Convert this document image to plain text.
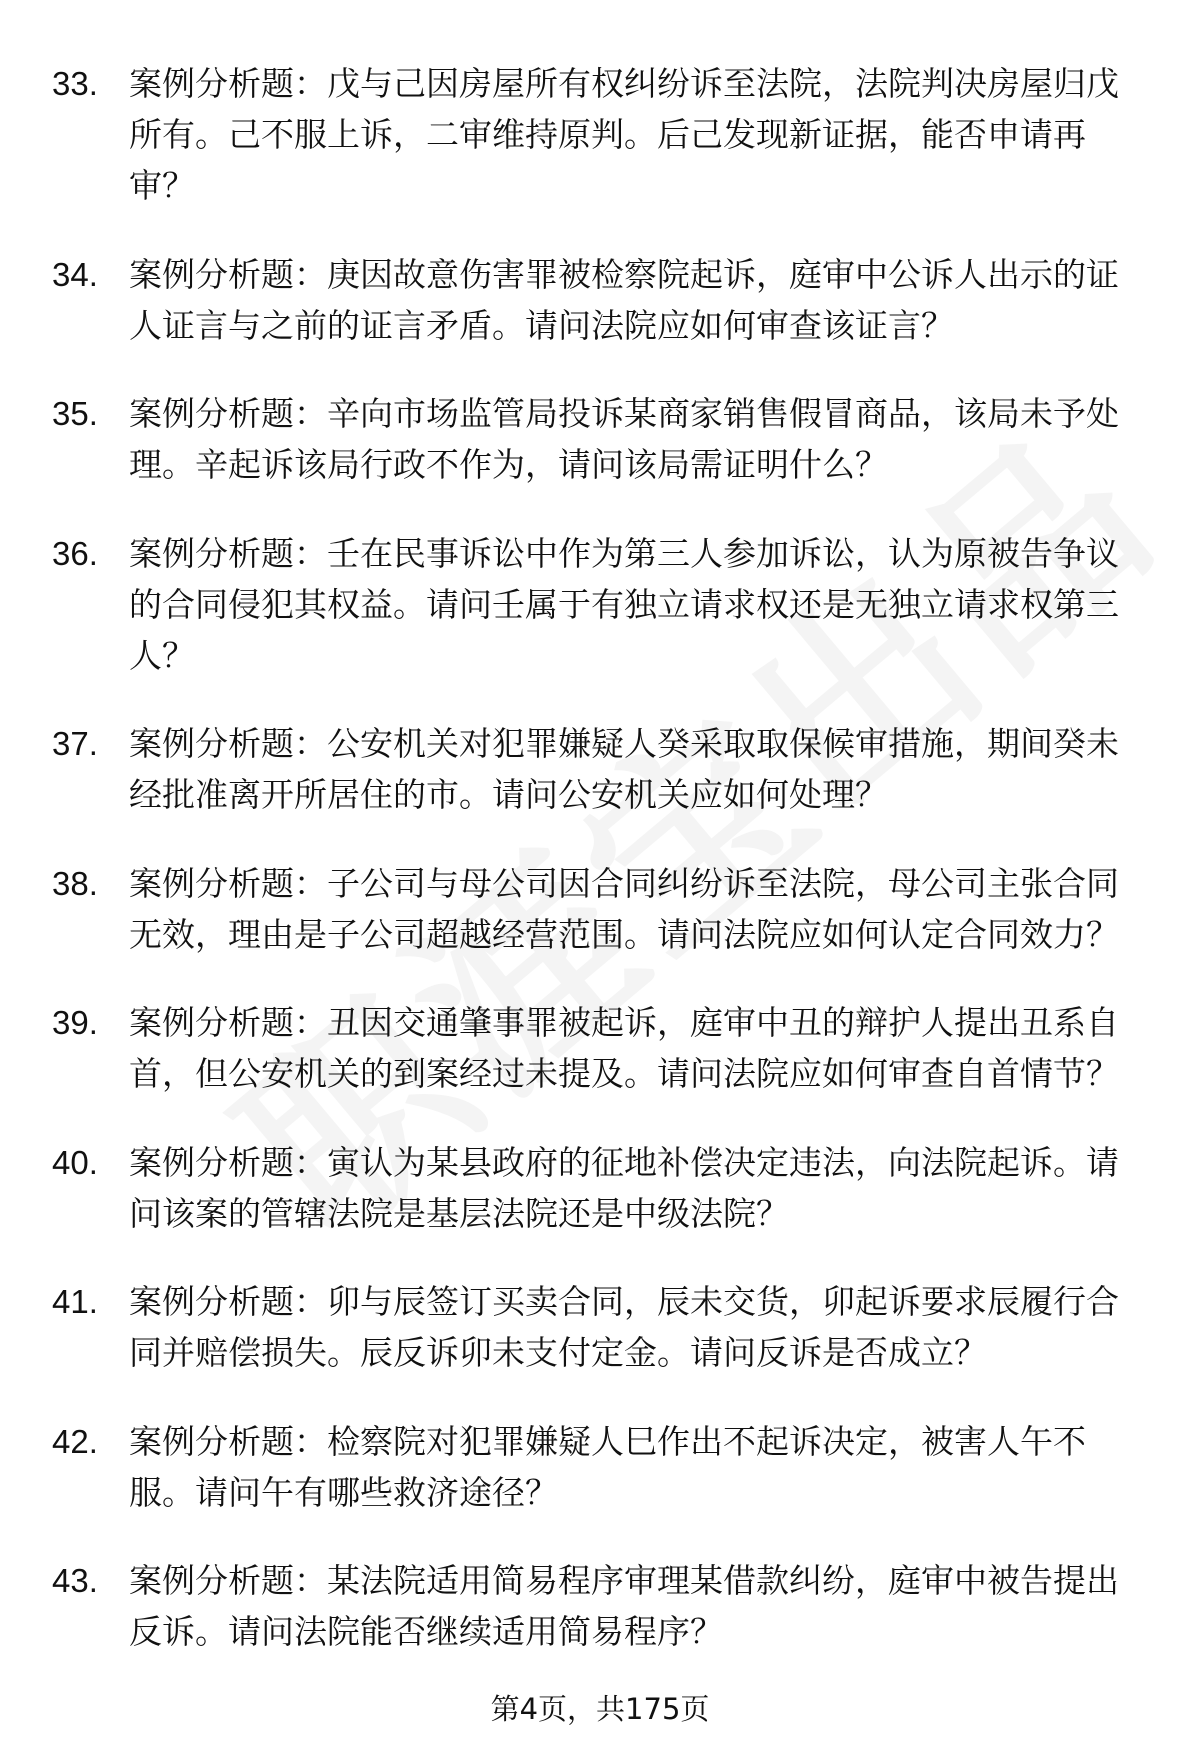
33. 案例分析题：戊与己因房屋所有权纠纷诉至法院，法院判决房屋归戊所有。己不服上诉，二审维持原判。后己发现新证据，能否申请再审？
34. 案例分析题：庚因故意伤害罪被检察院起诉，庭审中公诉人出示的证人证言与之前的证言矛盾。请问法院应如何审查该证言？
35. 案例分析题：辛向市场监管局投诉某商家销售假冒商品，该局未予处理。辛起诉该局行政不作为，请问该局需证明什么？
36. 案例分析题：壬在民事诉讼中作为第三人参加诉讼，认为原被告争议的合同侵犯其权益。请问壬属于有独立请求权还是无独立请求权第三人？
37. 案例分析题：公安机关对犯罪嫌疑人癸采取取保候审措施，期间癸未经批准离开所居住的市。请问公安机关应如何处理？
38. 案例分析题：子公司与母公司因合同纠纷诉至法院，母公司主张合同无效，理由是子公司超越经营范围。请问法院应如何认定合同效力？
39. 案例分析题：丑因交通肇事罪被起诉，庭审中丑的辩护人提出丑系自首，但公安机关的到案经过未提及。请问法院应如何审查自首情节？
40. 案例分析题：寅认为某县政府的征地补偿决定违法，向法院起诉。请问该案的管辖法院是基层法院还是中级法院？
41. 案例分析题：卯与辰签订买卖合同，辰未交货，卯起诉要求辰履行合同并赔偿损失。辰反诉卯未支付定金。请问反诉是否成立？
42. 案例分析题：检察院对犯罪嫌疑人巳作出不起诉决定，被害人午不服。请问午有哪些救济途径？
43. 案例分析题：某法院适用简易程序审理某借款纠纷，庭审中被告提出反诉。请问法院能否继续适用简易程序？
第4页，共175页
